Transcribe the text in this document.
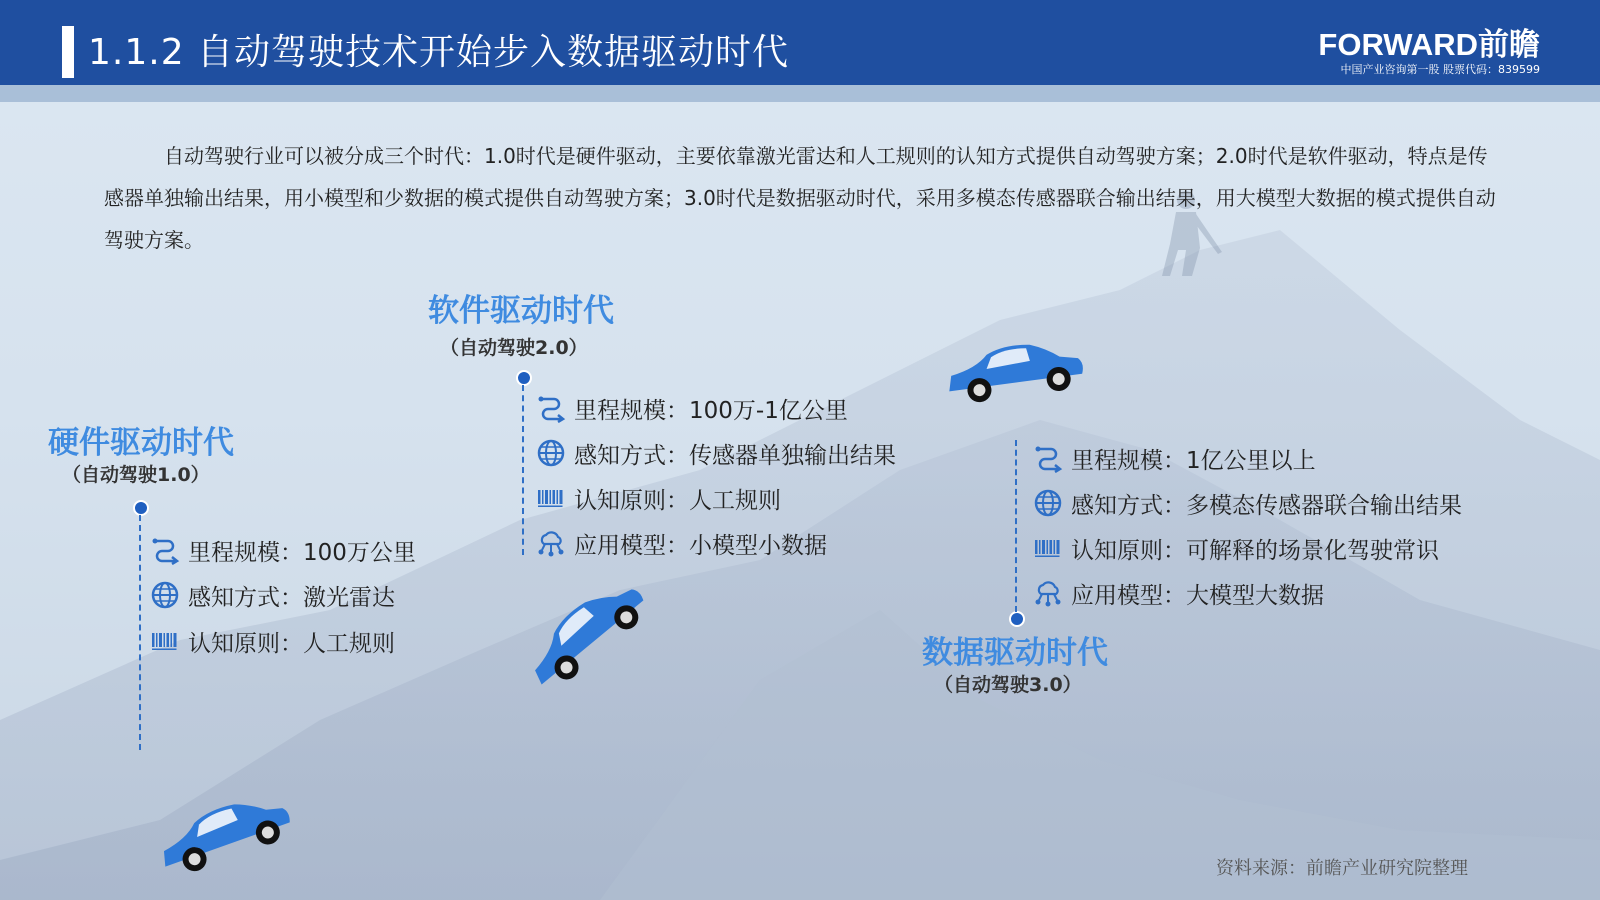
1.1.2 自动驾驶技术开始步入数据驱动时代	FORWARD前瞻
中国产业咨询第一股 股票代码：839599
自动驾驶行业可以被分成三个时代：1.0时代是硬件驱动，主要依靠激光雷达和人工规则的认知方式提供自动驾驶方案；2.0时代是软件驱动，特点是传感器单独输出结果，用小模型和少数据的模式提供自动驾驶方案；3.0时代是数据驱动时代，采用多模态传感器联合输出结果，用大模型大数据的模式提供自动驾驶方案。
硬件驱动时代
（自动驾驶1.0）
里程规模：100万公里
感知方式：激光雷达
认知原则：人工规则
软件驱动时代
（自动驾驶2.0）
里程规模：100万-1亿公里
感知方式：传感器单独输出结果
认知原则：人工规则
应用模型：小模型小数据
数据驱动时代
（自动驾驶3.0）
里程规模：1亿公里以上
感知方式：多模态传感器联合输出结果
认知原则：可解释的场景化驾驶常识
应用模型：大模型大数据
资料来源：前瞻产业研究院整理
